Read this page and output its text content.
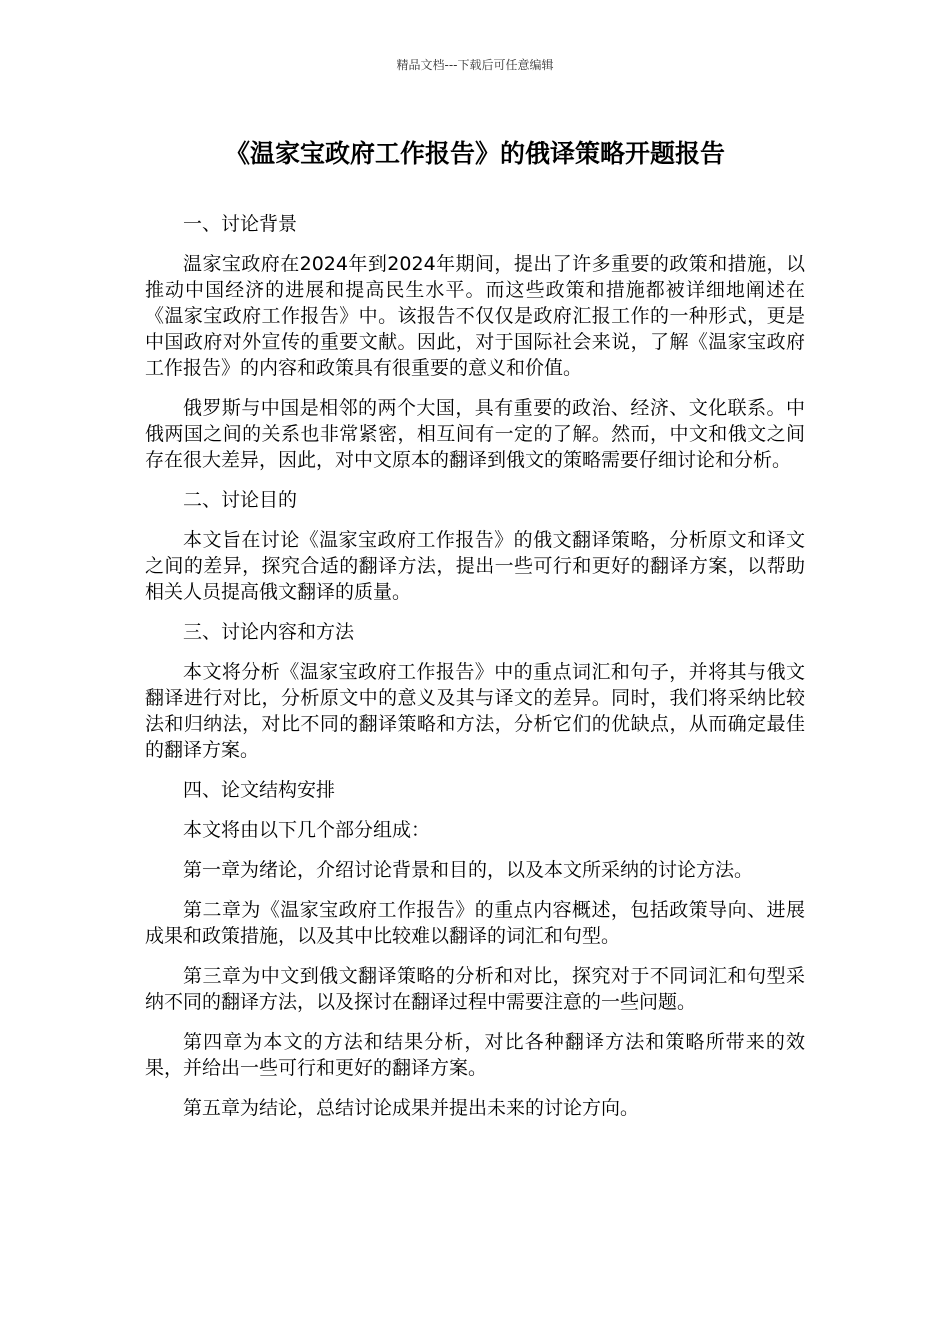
精品文档---下载后可任意编辑
《温家宝政府工作报告》的俄译策略开题报告

一、讨论背景

温家宝政府在2024年到2024年期间，提出了许多重要的政策和措施，以推动中国经济的进展和提高民生水平。而这些政策和措施都被详细地阐述在《温家宝政府工作报告》中。该报告不仅仅是政府汇报工作的一种形式，更是中国政府对外宣传的重要文献。因此，对于国际社会来说，了解《温家宝政府工作报告》的内容和政策具有很重要的意义和价值。

俄罗斯与中国是相邻的两个大国，具有重要的政治、经济、文化联系。中俄两国之间的关系也非常紧密，相互间有一定的了解。然而，中文和俄文之间存在很大差异，因此，对中文原本的翻译到俄文的策略需要仔细讨论和分析。

二、讨论目的

本文旨在讨论《温家宝政府工作报告》的俄文翻译策略，分析原文和译文之间的差异，探究合适的翻译方法，提出一些可行和更好的翻译方案，以帮助相关人员提高俄文翻译的质量。

三、讨论内容和方法

本文将分析《温家宝政府工作报告》中的重点词汇和句子，并将其与俄文翻译进行对比，分析原文中的意义及其与译文的差异。同时，我们将采纳比较法和归纳法，对比不同的翻译策略和方法，分析它们的优缺点，从而确定最佳的翻译方案。

四、论文结构安排

本文将由以下几个部分组成：

第一章为绪论，介绍讨论背景和目的，以及本文所采纳的讨论方法。

第二章为《温家宝政府工作报告》的重点内容概述，包括政策导向、进展成果和政策措施，以及其中比较难以翻译的词汇和句型。

第三章为中文到俄文翻译策略的分析和对比，探究对于不同词汇和句型采纳不同的翻译方法，以及探讨在翻译过程中需要注意的一些问题。

第四章为本文的方法和结果分析，对比各种翻译方法和策略所带来的效果，并给出一些可行和更好的翻译方案。

第五章为结论，总结讨论成果并提出未来的讨论方向。
